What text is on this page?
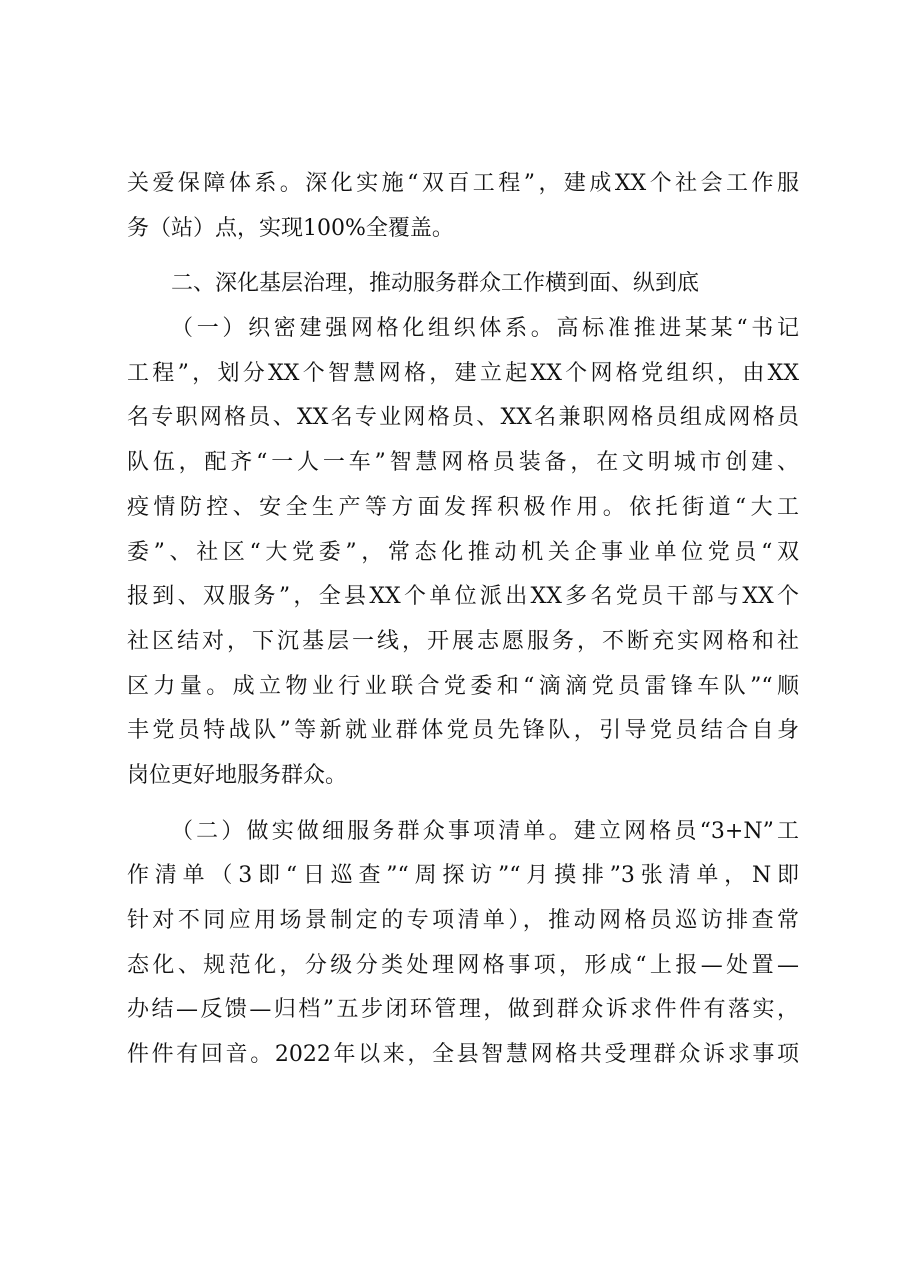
关爱保障体系。深化实施“双百工程”，建成XX个社会工作服
务（站）点，实现100%全覆盖。
二、深化基层治理，推动服务群众工作横到面、纵到底
（一）织密建强网格化组织体系。高标准推进某某“书记
工程”，划分XX个智慧网格，建立起XX个网格党组织，由XX
名专职网格员、XX名专业网格员、XX名兼职网格员组成网格员
队伍，配齐“一人一车”智慧网格员装备，在文明城市创建、
疫情防控、安全生产等方面发挥积极作用。依托街道“大工
委”、社区“大党委”，常态化推动机关企事业单位党员“双
报到、双服务”，全县XX个单位派出XX多名党员干部与XX个
社区结对，下沉基层一线，开展志愿服务，不断充实网格和社
区力量。成立物业行业联合党委和“滴滴党员雷锋车队”“顺
丰党员特战队”等新就业群体党员先锋队，引导党员结合自身
岗位更好地服务群众。
（二）做实做细服务群众事项清单。建立网格员“3+N”工
作清单（3即“日巡查”“周探访”“月摸排”3张清单，N即
针对不同应用场景制定的专项清单），推动网格员巡访排查常
态化、规范化，分级分类处理网格事项，形成“上报—处置—
办结—反馈—归档”五步闭环管理，做到群众诉求件件有落实，
件件有回音。2022年以来，全县智慧网格共受理群众诉求事项
